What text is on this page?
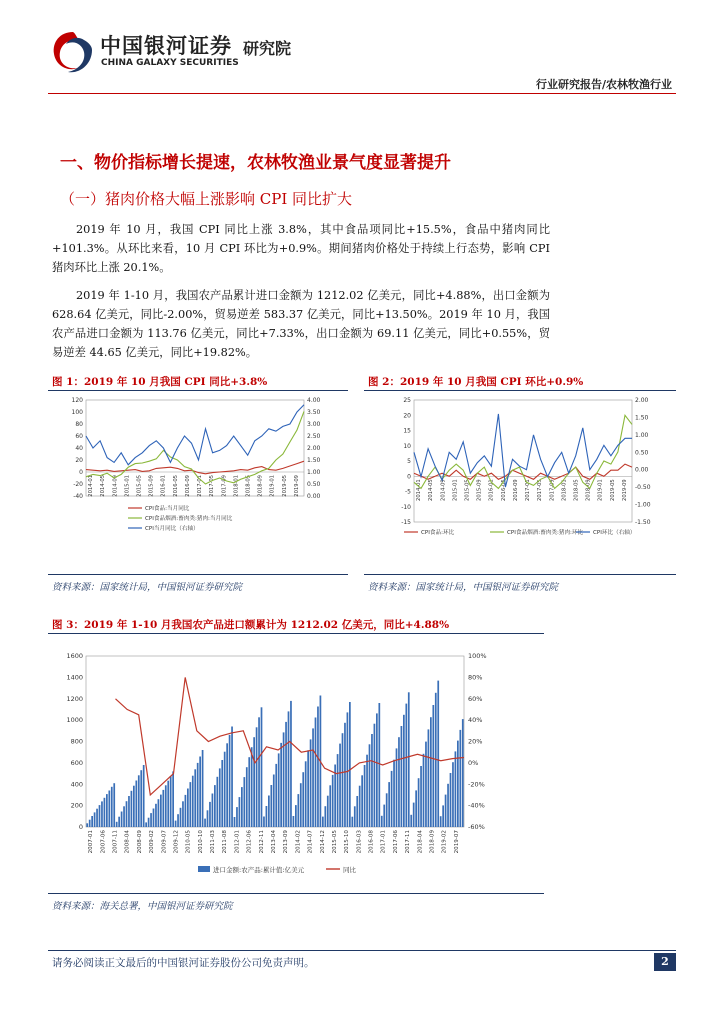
中国银河证券
CHINA GALAXY SECURITIES
研究院
行业研究报告/农林牧渔行业
一、物价指标增长提速，农林牧渔业景气度显著提升
（一）猪肉价格大幅上涨影响 CPI 同比扩大

2019 年 10 月，我国 CPI 同比上涨 3.8%，其中食品项同比+15.5%，食品中猪肉同比+101.3%。从环比来看，10 月 CPI 环比为+0.9%。期间猪肉价格处于持续上行态势，影响 CPI 猪肉环比上涨 20.1%。

2019 年 1-10 月，我国农产品累计进口金额为 1212.02 亿美元，同比+4.88%，出口金额为 628.64 亿美元，同比-2.00%，贸易逆差 583.37 亿美元，同比+13.50%。2019 年 10 月，我国农产品进口金额为 113.76 亿美元，同比+7.33%，出口金额为 69.11 亿美元，同比+0.55%，贸易逆差 44.65 亿美元，同比+19.82%。

图 1：2019 年 10 月我国 CPI 同比+3.8%
120
100
80
60
40
20
0
-20
-40
4.00
3.50
3.00
2.50
2.00
1.50
1.00
0.50
0.00
2014-01 2014-05 2014-09 2015-01 2015-05 2015-09 2016-01 2016-05 2016-09 2017-01 2017-05 2017-09 2018-01 2018-05 2018-09 2019-01 2019-05 2019-09
CPI食品:当月同比
CPI食品烟酒:畜肉类:猪肉:当月同比
CPI当月同比（右轴）
资料来源：国家统计局，中国银河证券研究院
图 2：2019 年 10 月我国 CPI 环比+0.9%
25
20
15
10
5
0
-5
-10
-15
2.00
1.50
1.00
0.50
0.00
-0.50
-1.00
-1.50
2014-01 2014-05 2014-09 2015-01 2015-05 2015-09 2016-01 2016-05 2016-09 2017-01 2017-05 2017-09 2018-01 2018-05 2018-09 2019-01 2019-05 2019-09
CPI食品:环比	CPI食品烟酒:畜肉类:猪肉:环比 CPI环比（右轴）
资料来源：国家统计局，中国银河证券研究院
图 3：2019 年 1-10 月我国农产品进口额累计为 1212.02 亿美元，同比+4.88%
1600
1400
1200
1000
800
600
400
200
0
100%
80%
60%
40%
20%
0%
-20%
-40%
-60%
2007-01 2007-06 2007-11 2008-04 2008-09 2009-02 2009-07 2009-12 2010-05 2010-10 2011-03 2011-08 2012-01 2012-06 2012-11 2013-04 2013-09 2014-02 2014-07 2014-12 2015-05 2015-10 2016-03 2016-08 2017-01 2017-06 2017-11 2018-04 2018-09 2019-02 2019-07
进口金额:农产品:累计值:亿美元	同比
资料来源：海关总署，中国银河证券研究院
请务必阅读正文最后的中国银河证券股份公司免责声明。	2
